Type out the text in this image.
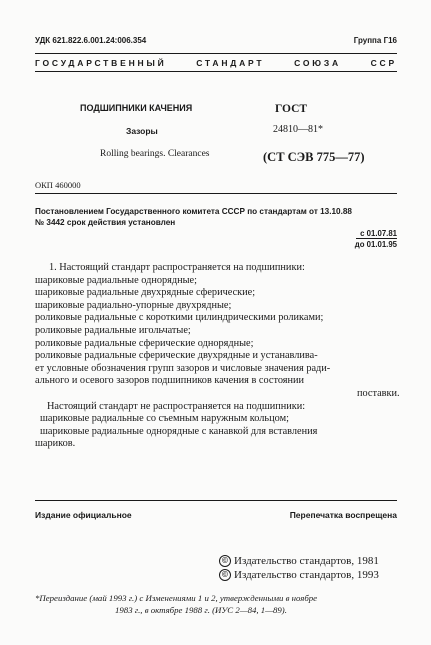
УДК 621.822.6.001.24:006.354	Группа Г16
ГОСУДАРСТВЕННЫЙ	СТАНДАРТ	СОЮЗА	ССР
ПОДШИПНИКИ КАЧЕНИЯ
Зазоры
Rolling bearings. Clearances
ГОСТ
24810—81*
(СТ СЭВ 775—77)
ОКП 460000
Постановлением Государственного комитета СССР по стандартам от 13.10.88
№ 3442 срок действия установлен
с 01.07.81
до 01.01.95
1. Настоящий стандарт распространяется на подшипники:
шариковые радиальные однорядные;
шариковые радиальные двухрядные сферические;
шариковые радиально-упорные двухрядные;
роликовые радиальные с короткими цилиндрическими роликами;
роликовые радиальные игольчатые;
роликовые радиальные сферические однорядные;
роликовые радиальные сферические двухрядные и устанавлива-
ет условные обозначения групп зазоров и числовые значения ради-
ального и осевого зазоров подшипников качения в состоянии
поставки.
Настоящий стандарт не распространяется на подшипники:
шариковые радиальные со съемным наружным кольцом;
шариковые радиальные однорядные с канавкой для вставления
шариков.
Издание официальное	Перепечатка воспрещена
© Издательство стандартов, 1981
© Издательство стандартов, 1993
*Переиздание (май 1993 г.) с Изменениями 1 и 2, утвержденными в ноябре
1983 г., в октябре 1988 г. (ИУС 2—84, 1—89).
